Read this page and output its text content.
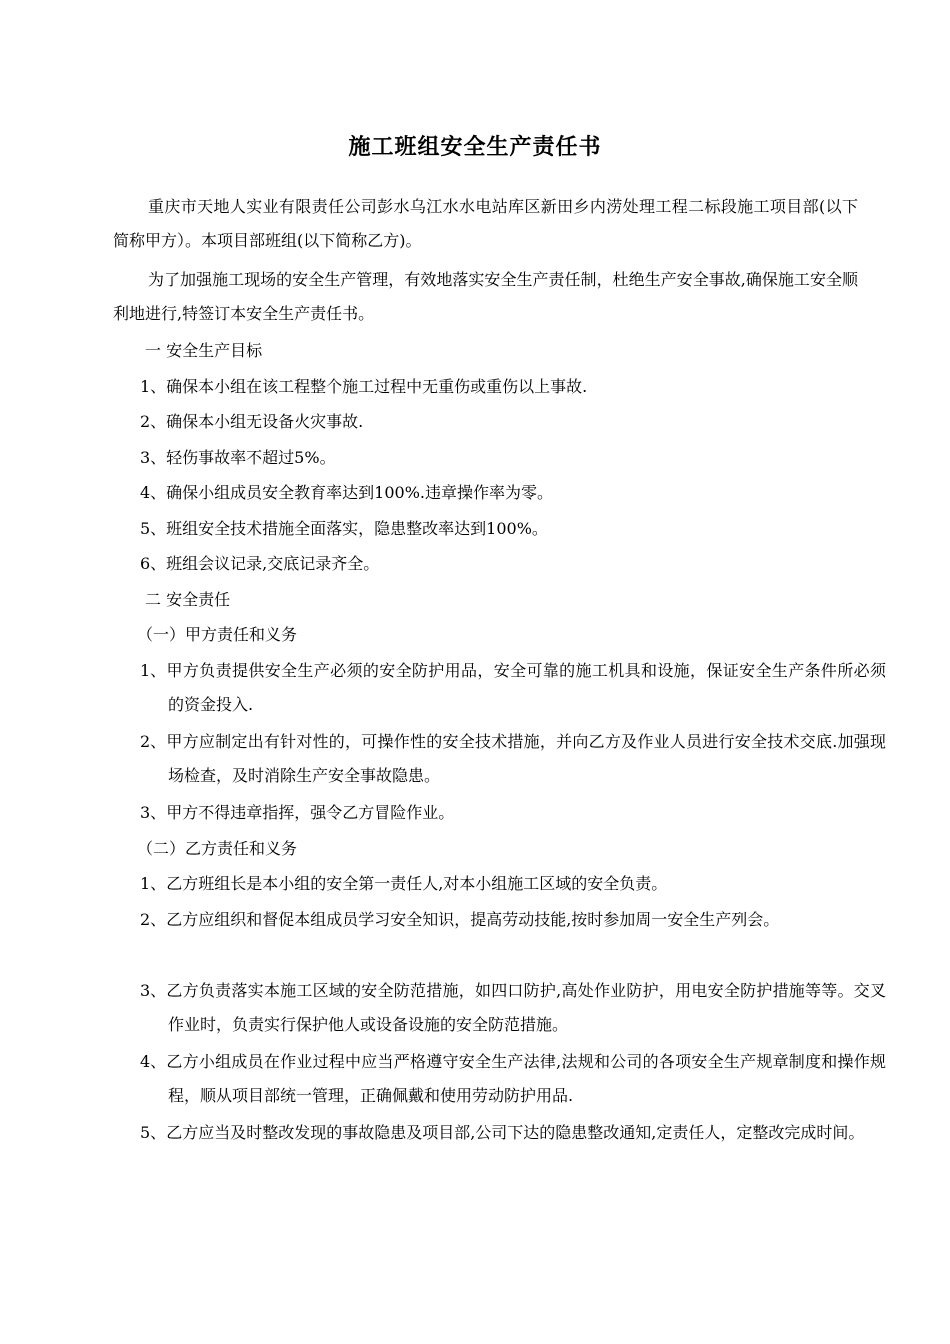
施工班组安全生产责任书
重庆市天地人实业有限责任公司彭水乌江水水电站库区新田乡内涝处理工程二标段施工项目部(以下简称甲方）。本项目部班组(以下简称乙方)。
为了加强施工现场的安全生产管理，有效地落实安全生产责任制，杜绝生产安全事故,确保施工安全顺利地进行,特签订本安全生产责任书。
一 安全生产目标
1、确保本小组在该工程整个施工过程中无重伤或重伤以上事故.
2、确保本小组无设备火灾事故.
3、轻伤事故率不超过5%。
4、确保小组成员安全教育率达到100%.违章操作率为零。
5、班组安全技术措施全面落实，隐患整改率达到100%。
6、班组会议记录,交底记录齐全。
二 安全责任
（一）甲方责任和义务
1、甲方负责提供安全生产必须的安全防护用品，安全可靠的施工机具和设施，保证安全生产条件所必须的资金投入.
2、甲方应制定出有针对性的，可操作性的安全技术措施，并向乙方及作业人员进行安全技术交底.加强现场检查，及时消除生产安全事故隐患。
3、甲方不得违章指挥，强令乙方冒险作业。
（二）乙方责任和义务
1、乙方班组长是本小组的安全第一责任人,对本小组施工区域的安全负责。
2、乙方应组织和督促本组成员学习安全知识，提高劳动技能,按时参加周一安全生产列会。
3、乙方负责落实本施工区域的安全防范措施，如四口防护,高处作业防护，用电安全防护措施等等。交叉作业时，负责实行保护他人或设备设施的安全防范措施。
4、乙方小组成员在作业过程中应当严格遵守安全生产法律,法规和公司的各项安全生产规章制度和操作规程，顺从项目部统一管理，正确佩戴和使用劳动防护用品.
5、乙方应当及时整改发现的事故隐患及项目部,公司下达的隐患整改通知,定责任人，定整改完成时间。
